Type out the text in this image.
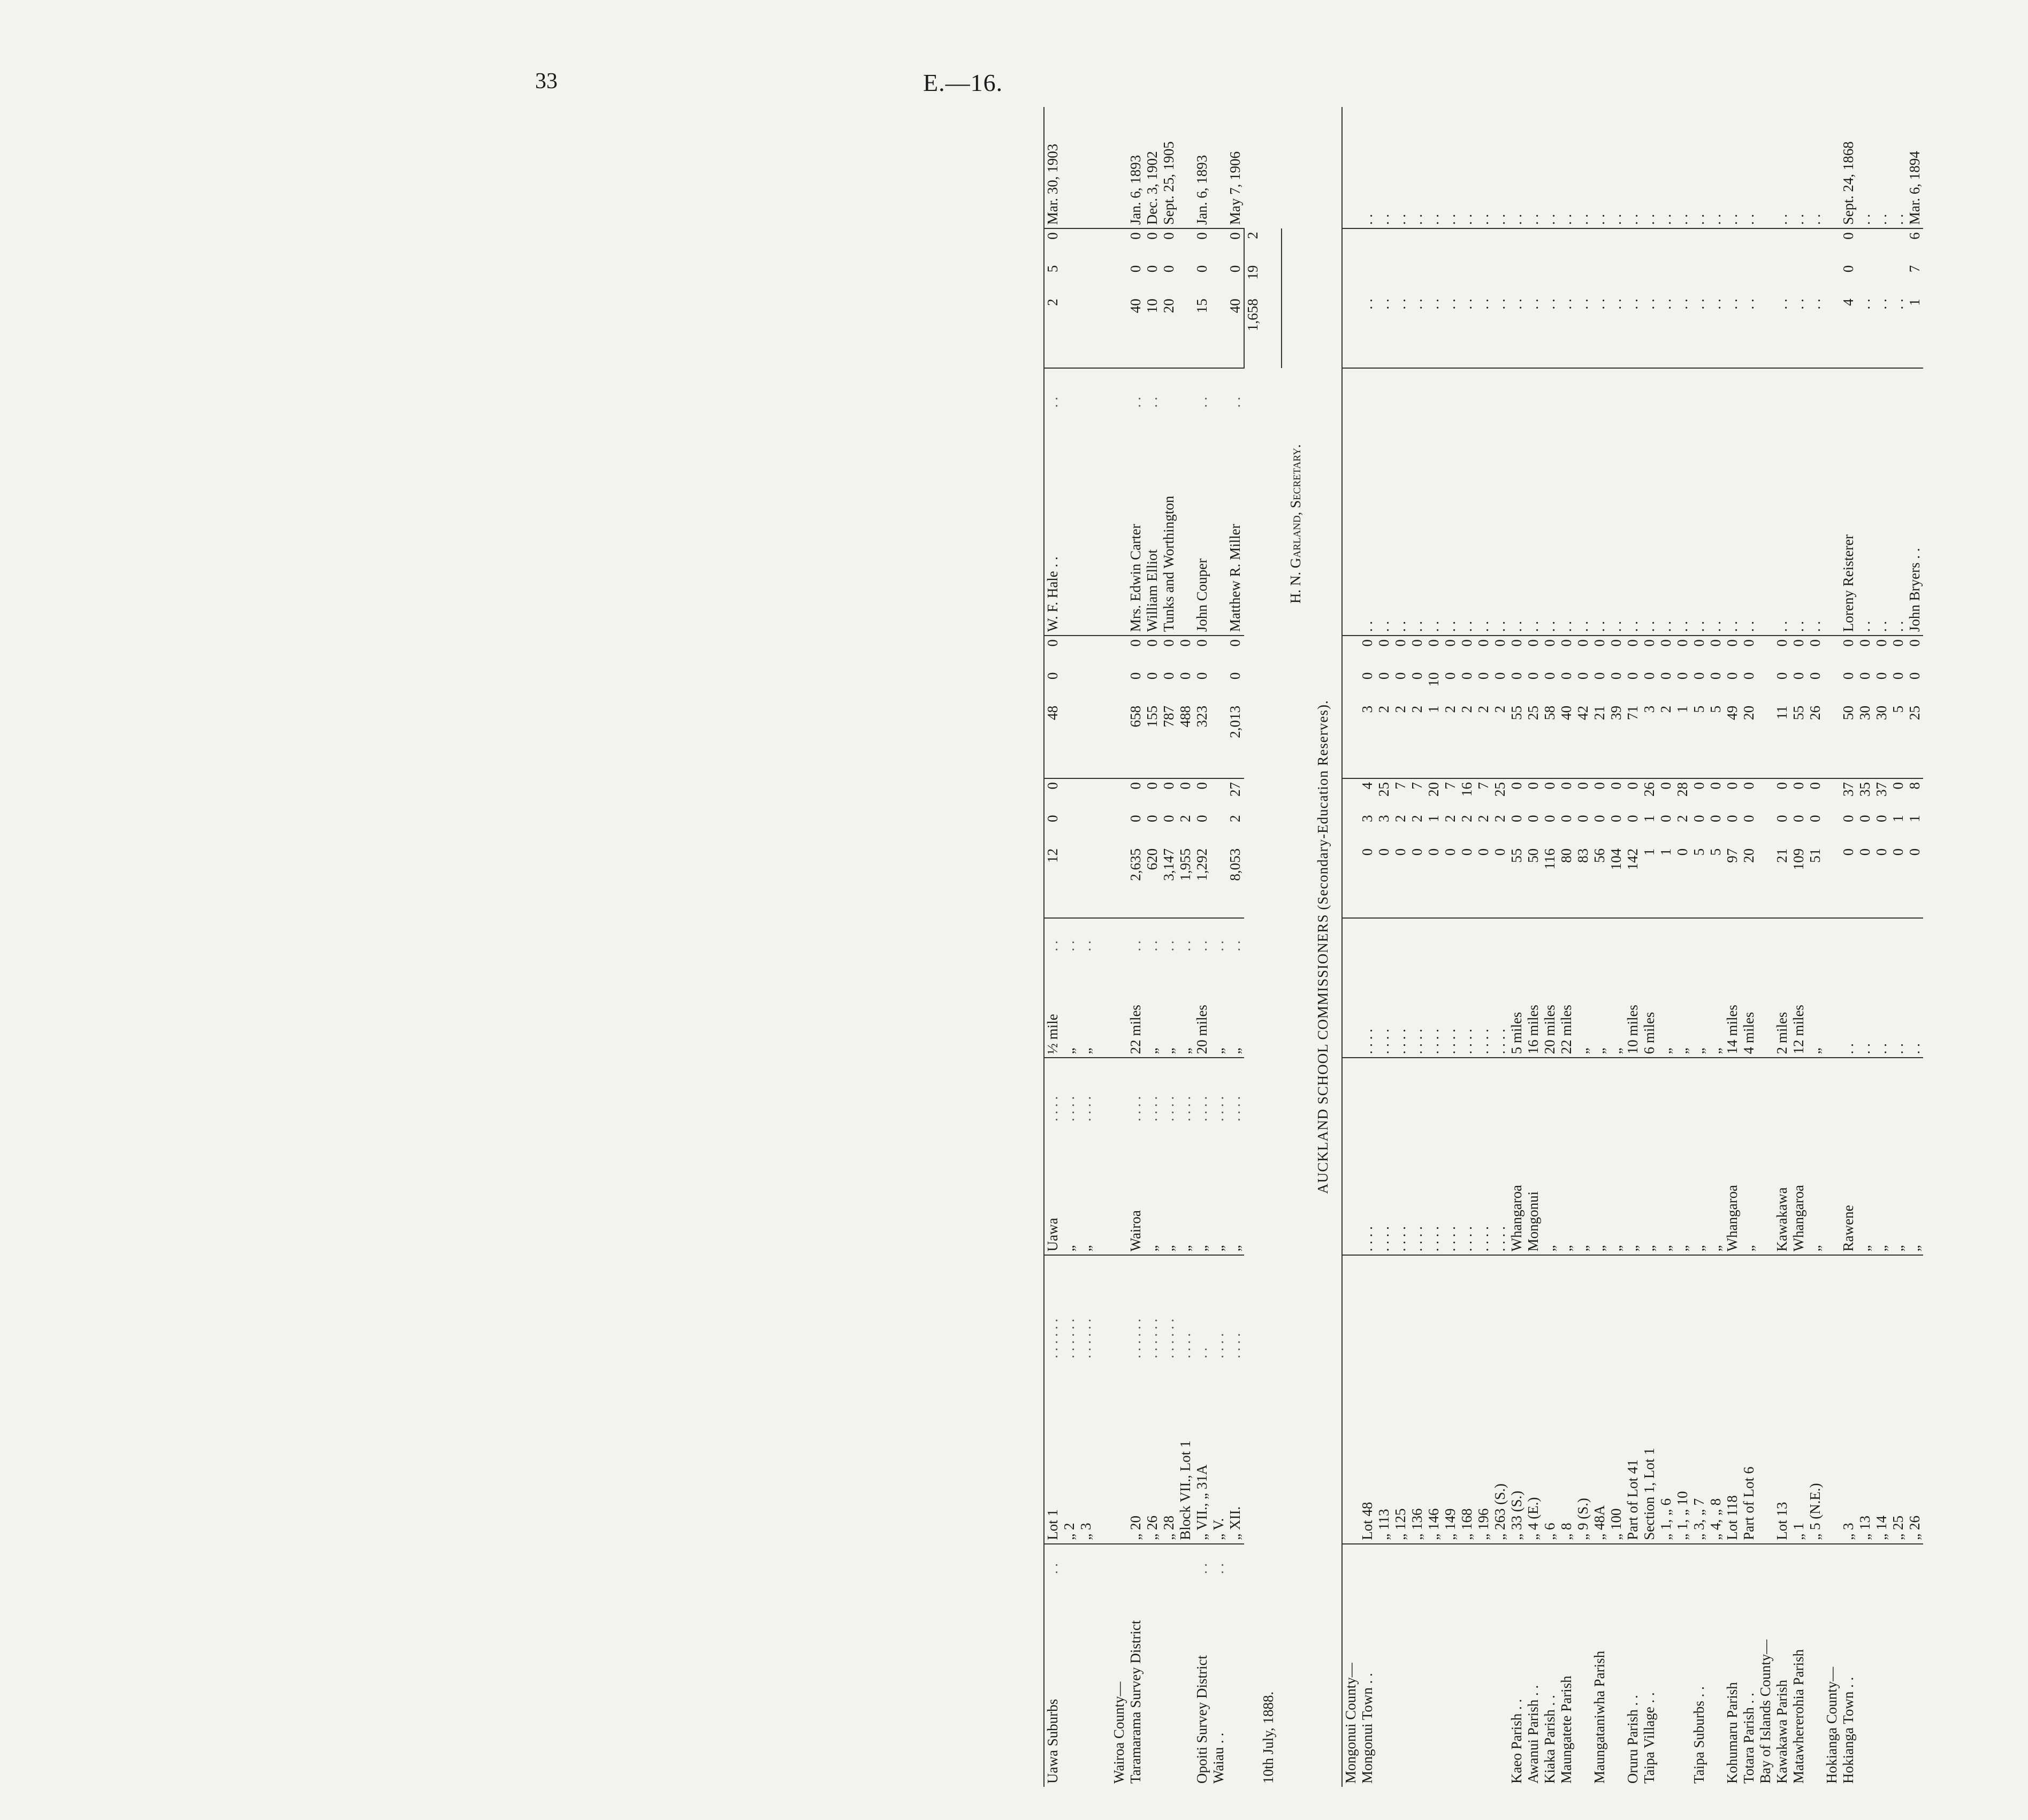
33	E.—16.
Uawa Suburbs	. .	Lot 1	. . . . . .	Uawa	. . . .	½ mile	. .	12	0	0	48	0	0	W. F. Hale . .	. .	2	5	0	Mar. 30, 1903
		„ 2	. . . . . .	„	. . . .	„	. .												
		„ 3	. . . . . .	„	. . . .	„	. .												

Wairoa County—																			
Taramarama Survey District		„ 20	. . . . . .	Wairoa	. . . .	22 miles	. .	2,635	0	0	658	0	0	Mrs. Edwin Carter	. .	40	0	0	Jan. 6, 1893
		„ 26	. . . . . .	„	. . . .	„	. .	620	0	0	155	0	0	William Elliot	. .	10	0	0	Dec. 3, 1902
		„ 28	. . . . . .	„	. . . .	„	. .	3,147	0	0	787	0	0	Tunks and Worthington		20	0	0	Sept. 25, 1905
		Block VII., Lot 1	. . . .	„	. . . .	„	. .	1,955	2	0	488	0	0						
Opoiti Survey District	. .	„ VII., „ 31A	. .	„	. . . .	20 miles	. .	1,292	0	0	323	0	0	John Couper	. .	15	0	0	Jan. 6, 1893
Waiau . .	. .	„ V.	. . . .	„	. . . .	„	. .												
		„ XII.	. . . .	„	. . . .	„	. .	8,053	2	27	2,013	0	0	Matthew R. Miller	. .	40	0	0	May 7, 1906
10th July, 1888.																1,658	19	2	
														H. N. Garland, Secretary.					
AUCKLAND SCHOOL COMMISSIONERS (Secondary-Education Reserves).																			
Mongonui County—																			
Mongonui Town . .		Lot 48		. . . .		. . . .		0	3	4	3	0	0	. .		. .			. .
		„ 113		. . . .		. . . .		0	3	25	2	0	0	. .		. .			. .
		„ 125		. . . .		. . . .		0	2	7	2	0	0	. .		. .			. .
		„ 136		. . . .		. . . .		0	2	7	2	0	0	. .		. .			. .
		„ 146		. . . .		. . . .		0	1	20	1	10	0	. .		. .			. .
		„ 149		. . . .		. . . .		0	2	7	2	0	0	. .		. .			. .
		„ 168		. . . .		. . . .		0	2	16	2	0	0	. .		. .			. .
		„ 196		. . . .		. . . .		0	2	7	2	0	0	. .		. .			. .
		„ 263 (S.)		. . . .		. . . .		0	2	25	2	0	0	. .		. .			. .
Kaeo Parish . .		„ 33 (S.)		Whangaroa		5 miles		55	0	0	55	0	0	. .		. .			. .
Awanui Parish . .		„ 4 (E.)		Mongonui		16 miles		50	0	0	25	0	0	. .		. .			. .
Kiaka Parish . .		„ 6		„		20 miles		116	0	0	58	0	0	. .		. .			. .
Maungatete Parish		„ 8		„		22 miles		80	0	0	40	0	0	. .		. .			. .
		„ 9 (S.)		„		„		83	0	0	42	0	0	. .		. .			. .
Maungataniwha Parish		„ 48A		„		„		56	0	0	21	0	0	. .		. .			. .
		„ 100		„		„		104	0	0	39	0	0	. .		. .			. .
Oruru Parish . .		Part of Lot 41		„		10 miles		142	0	0	71	0	0	. .		. .			. .
Taipa Village . .		Section 1, Lot 1		„		6 miles		1	1	26	3	0	0	. .		. .			. .
		„ 1, „ 6		„		„		1	0	0	2	0	0	. .		. .			. .
		„ 1, „ 10		„		„		0	2	28	1	0	0	. .		. .			. .
Taipa Suburbs . .		„ 3, „ 7		„		„		5	0	0	5	0	0	. .		. .			. .
		„ 4, „ 8		„		„		5	0	0	5	0	0	. .		. .			. .
Kohumaru Parish		Lot 118		Whangaroa		14 miles		97	0	0	49	0	0	. .		. .			. .
Totara Parish . .		Part of Lot 6		„		4 miles		20	0	0	20	0	0	. .		. .			. .
Bay of Islands County—																			
Kawakawa Parish		Lot 13		Kawakawa		2 miles		21	0	0	11	0	0	. .		. .			. .
Matawhererohia Parish		„ 1		Whangaroa		12 miles		109	0	0	55	0	0	. .		. .			. .
		„ 5 (N.E.)		„		„		51	0	0	26	0	0	. .		. .			. .
Hokianga County—																			
Hokianga Town . .		„ 3		Rawene		. .		0	0	37	50	0	0	Loreny Reisterer		4	0	0	Sept. 24, 1868
		„ 13		„		. .		0	0	35	30	0	0	. .		. .			. .
		„ 14		„		. .		0	0	37	30	0	0	. .		. .			. .
		„ 25		„		. .		0	1	0	5	0	0	. .		. .			. .
		„ 26		„		. .		0	1	8	25	0	0	John Bryers . .		1	7	6	Mar. 6, 1894
